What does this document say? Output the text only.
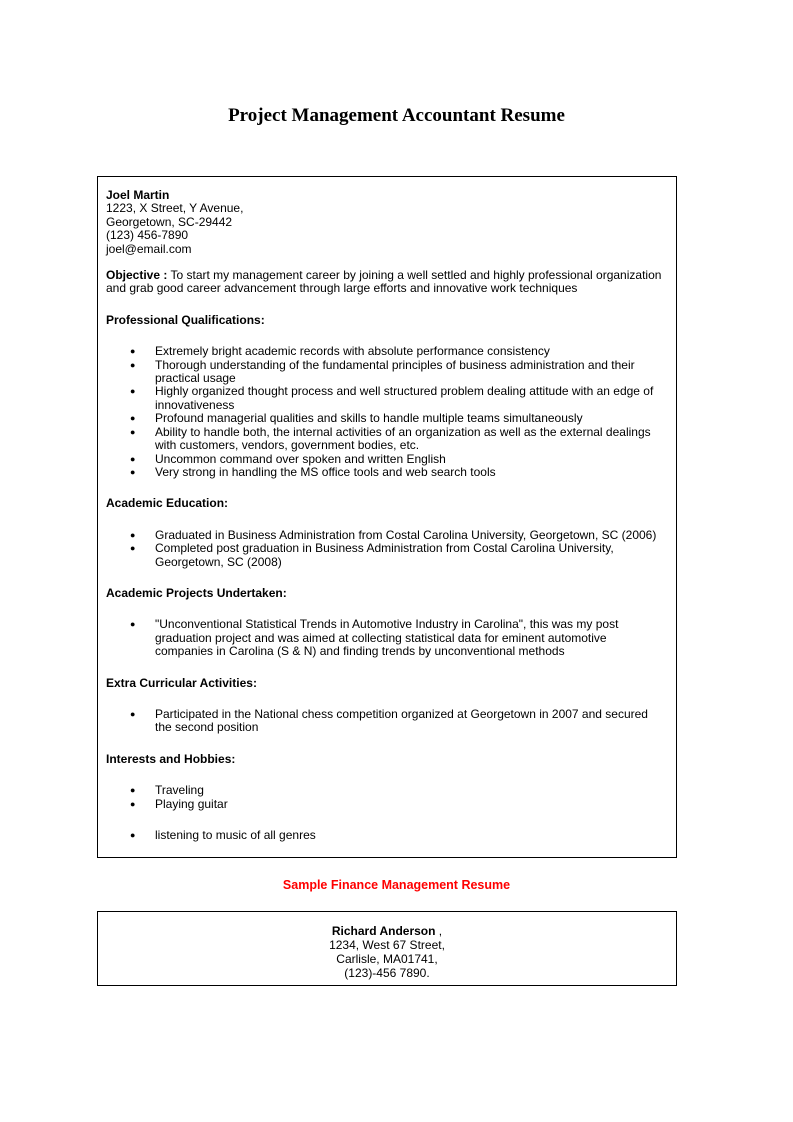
Project Management Accountant Resume
Joel Martin
1223, X Street, Y Avenue,
Georgetown, SC-29442
(123) 456-7890
joel@email.com
Objective : To start my management career by joining a well settled and highly professional organization
and grab good career advancement through large efforts and innovative work techniques
Professional Qualifications:
● Extremely bright academic records with absolute performance consistency
● Thorough understanding of the fundamental principles of business administration and their
practical usage
● Highly organized thought process and well structured problem dealing attitude with an edge of
innovativeness
● Profound managerial qualities and skills to handle multiple teams simultaneously
● Ability to handle both, the internal activities of an organization as well as the external dealings
with customers, vendors, government bodies, etc.
● Uncommon command over spoken and written English
● Very strong in handling the MS office tools and web search tools
Academic Education:
● Graduated in Business Administration from Costal Carolina University, Georgetown, SC (2006)
● Completed post graduation in Business Administration from Costal Carolina University,
Georgetown, SC (2008)
Academic Projects Undertaken:
● "Unconventional Statistical Trends in Automotive Industry in Carolina", this was my post
graduation project and was aimed at collecting statistical data for eminent automotive
companies in Carolina (S & N) and finding trends by unconventional methods
Extra Curricular Activities:
● Participated in the National chess competition organized at Georgetown in 2007 and secured
the second position
Interests and Hobbies:
● Traveling
● Playing guitar
● listening to music of all genres
Sample Finance Management Resume
Richard Anderson ,
1234, West 67 Street,
Carlisle, MA01741,
(123)-456 7890.
